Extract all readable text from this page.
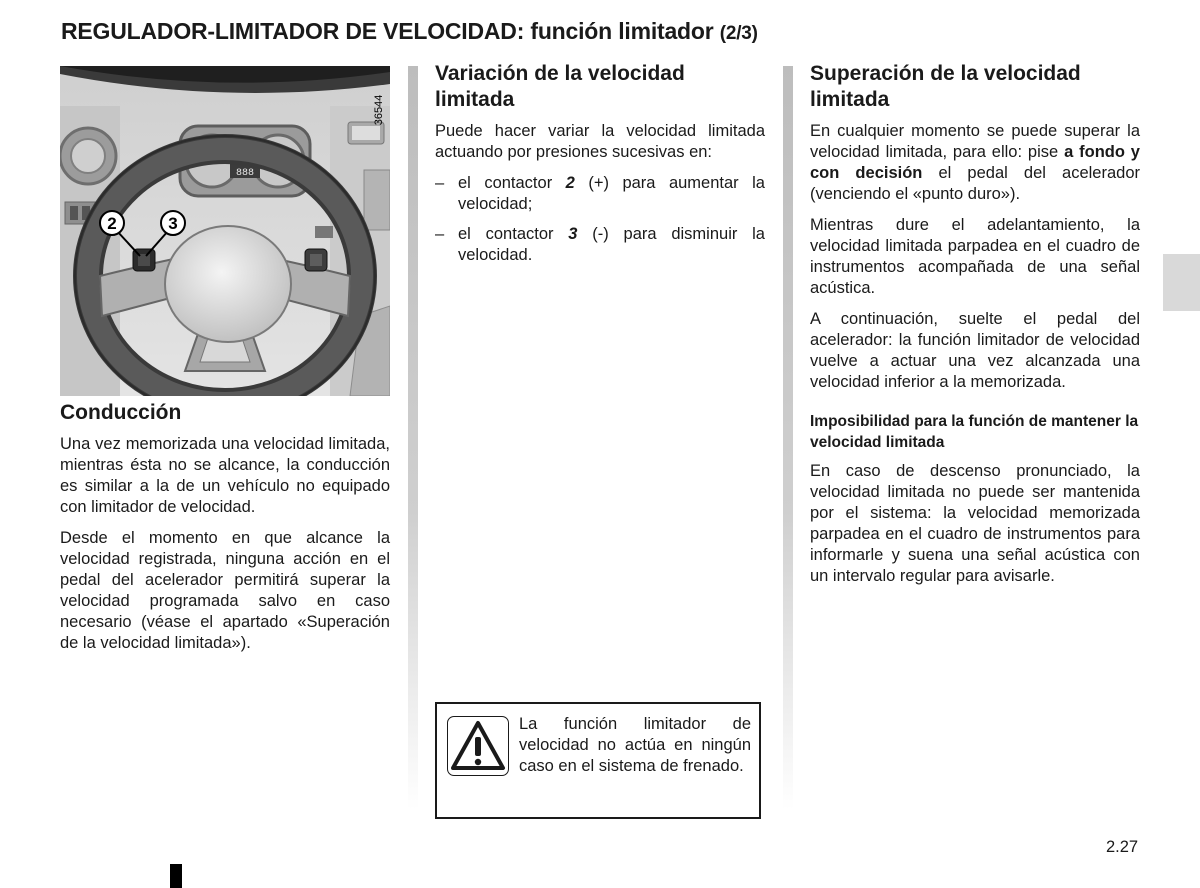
REGULADOR-LIMITADOR DE VELOCIDAD: función limitador (2/3)
888
2	3
36544
Conducción

Una vez memorizada una velocidad limitada, mientras ésta no se alcance, la conducción es similar a la de un vehículo no equipado con limitador de velocidad.

Desde el momento en que alcance la velocidad registrada, ninguna acción en el pedal del acelerador permitirá superar la velocidad programada salvo en caso necesario (véase el apartado «Superación de la velocidad limitada»).

Variación de la velocidad limitada

Puede hacer variar la velocidad limitada actuando por presiones sucesivas en:

– el contactor 2 (+) para aumentar la velocidad;
– el contactor 3 (-) para disminuir la velocidad.

La función limitador de velocidad no actúa en ningún caso en el sistema de frenado.

Superación de la velocidad limitada

En cualquier momento se puede superar la velocidad limitada, para ello: pise a fondo y con decisión el pedal del acelerador (venciendo el «punto duro»).

Mientras dure el adelantamiento, la velocidad limitada parpadea en el cuadro de instrumentos acompañada de una señal acústica.

A continuación, suelte el pedal del acelerador: la función limitador de velocidad vuelve a actuar una vez alcanzada una velocidad inferior a la memorizada.

Imposibilidad para la función de mantener la velocidad limitada

En caso de descenso pronunciado, la velocidad limitada no puede ser mantenida por el sistema: la velocidad memorizada parpadea en el cuadro de instrumentos para informarle y suena una señal acústica con un intervalo regular para avisarle.

2.27
